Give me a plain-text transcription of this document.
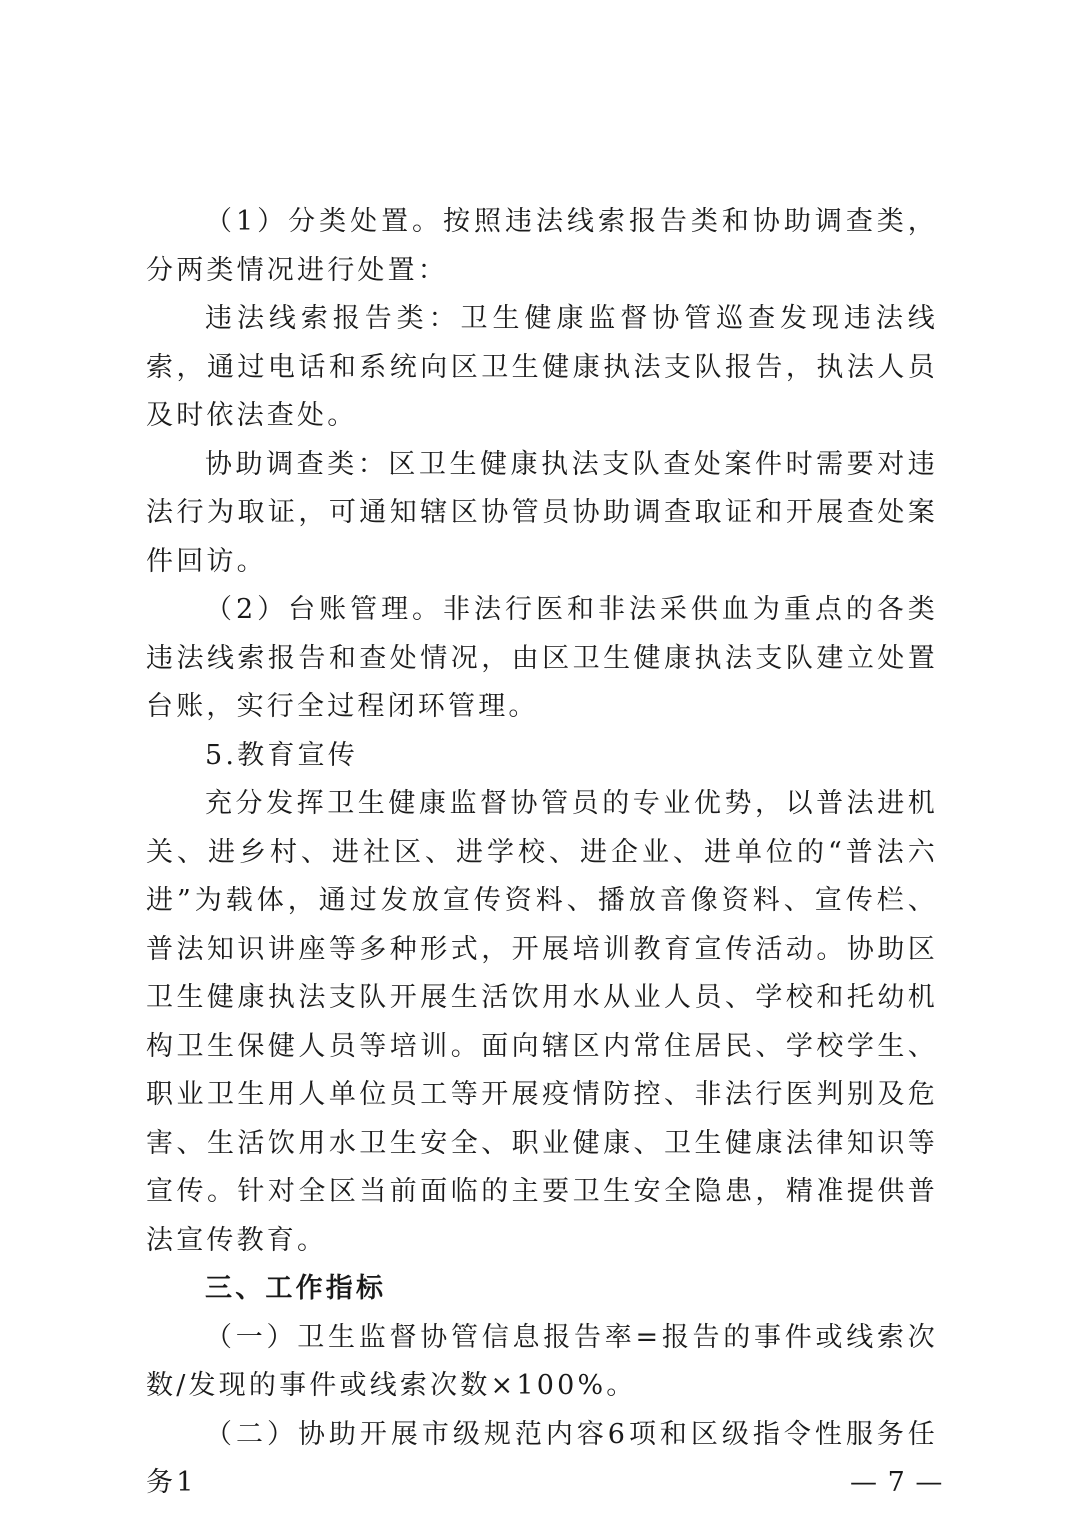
（1）分类处置。按照违法线索报告类和协助调查类，分两类情况进行处置：

违法线索报告类：卫生健康监督协管巡查发现违法线索，通过电话和系统向区卫生健康执法支队报告，执法人员及时依法查处。

协助调查类：区卫生健康执法支队查处案件时需要对违法行为取证，可通知辖区协管员协助调查取证和开展查处案件回访。

（2）台账管理。非法行医和非法采供血为重点的各类违法线索报告和查处情况，由区卫生健康执法支队建立处置台账，实行全过程闭环管理。

5.教育宣传

充分发挥卫生健康监督协管员的专业优势，以普法进机关、进乡村、进社区、进学校、进企业、进单位的“普法六进”为载体，通过发放宣传资料、播放音像资料、宣传栏、普法知识讲座等多种形式，开展培训教育宣传活动。协助区卫生健康执法支队开展生活饮用水从业人员、学校和托幼机构卫生保健人员等培训。面向辖区内常住居民、学校学生、职业卫生用人单位员工等开展疫情防控、非法行医判别及危害、生活饮用水卫生安全、职业健康、卫生健康法律知识等宣传。针对全区当前面临的主要卫生安全隐患，精准提供普法宣传教育。

三、工作指标

（一）卫生监督协管信息报告率=报告的事件或线索次数/发现的事件或线索次数×100%。

（二）协助开展市级规范内容6项和区级指令性服务任务1	— 7 —
